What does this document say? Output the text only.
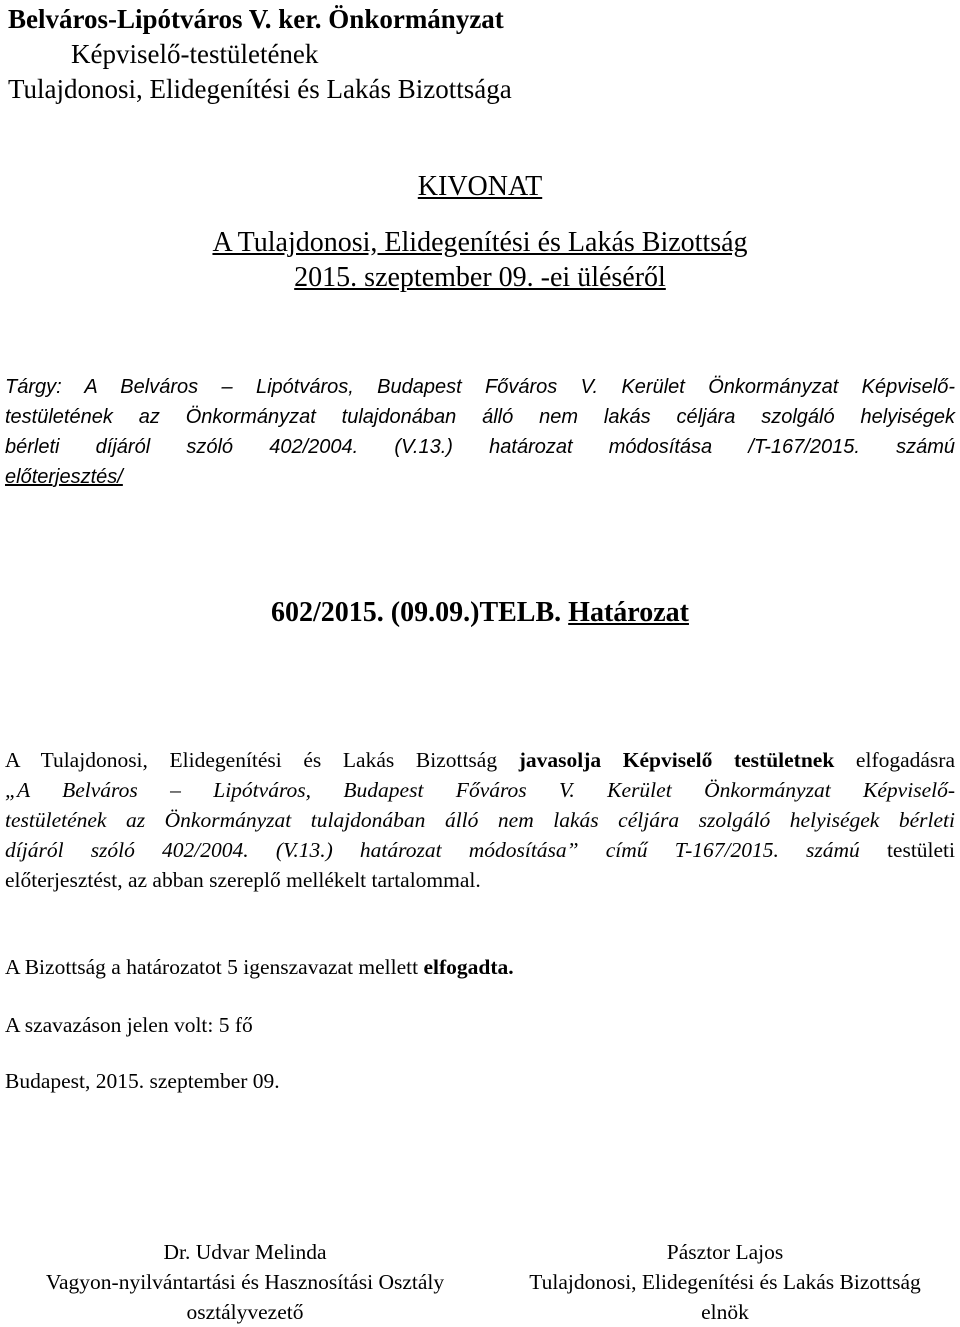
Belváros-Lipótváros V. ker. Önkormányzat
Képviselő-testületének
Tulajdonosi, Elidegenítési és Lakás Bizottsága
KIVONAT
A Tulajdonosi, Elidegenítési és Lakás Bizottság
2015. szeptember 09. -ei üléséről
Tárgy: A Belváros – Lipótváros, Budapest Főváros V. Kerület Önkormányzat Képviselő-
testületének az Önkormányzat tulajdonában álló nem lakás céljára szolgáló helyiségek
bérleti díjáról szóló 402/2004. (V.13.) határozat módosítása /T-167/2015. számú
előterjesztés/
602/2015. (09.09.)TELB. Határozat
A Tulajdonosi, Elidegenítési és Lakás Bizottság javasolja Képviselő testületnek elfogadásra
„A Belváros – Lipótváros, Budapest Főváros V. Kerület Önkormányzat Képviselő-
testületének az Önkormányzat tulajdonában álló nem lakás céljára szolgáló helyiségek bérleti
díjáról szóló 402/2004. (V.13.) határozat módosítása” című T-167/2015. számú testületi
előterjesztést, az abban szereplő mellékelt tartalommal.
A Bizottság a határozatot 5 igenszavazat mellett elfogadta.
A szavazáson jelen volt: 5 fő
Budapest, 2015. szeptember 09.
Dr. Udvar Melinda
Vagyon-nyilvántartási és Hasznosítási Osztály
osztályvezető
Pásztor Lajos
Tulajdonosi, Elidegenítési és Lakás Bizottság
elnök
